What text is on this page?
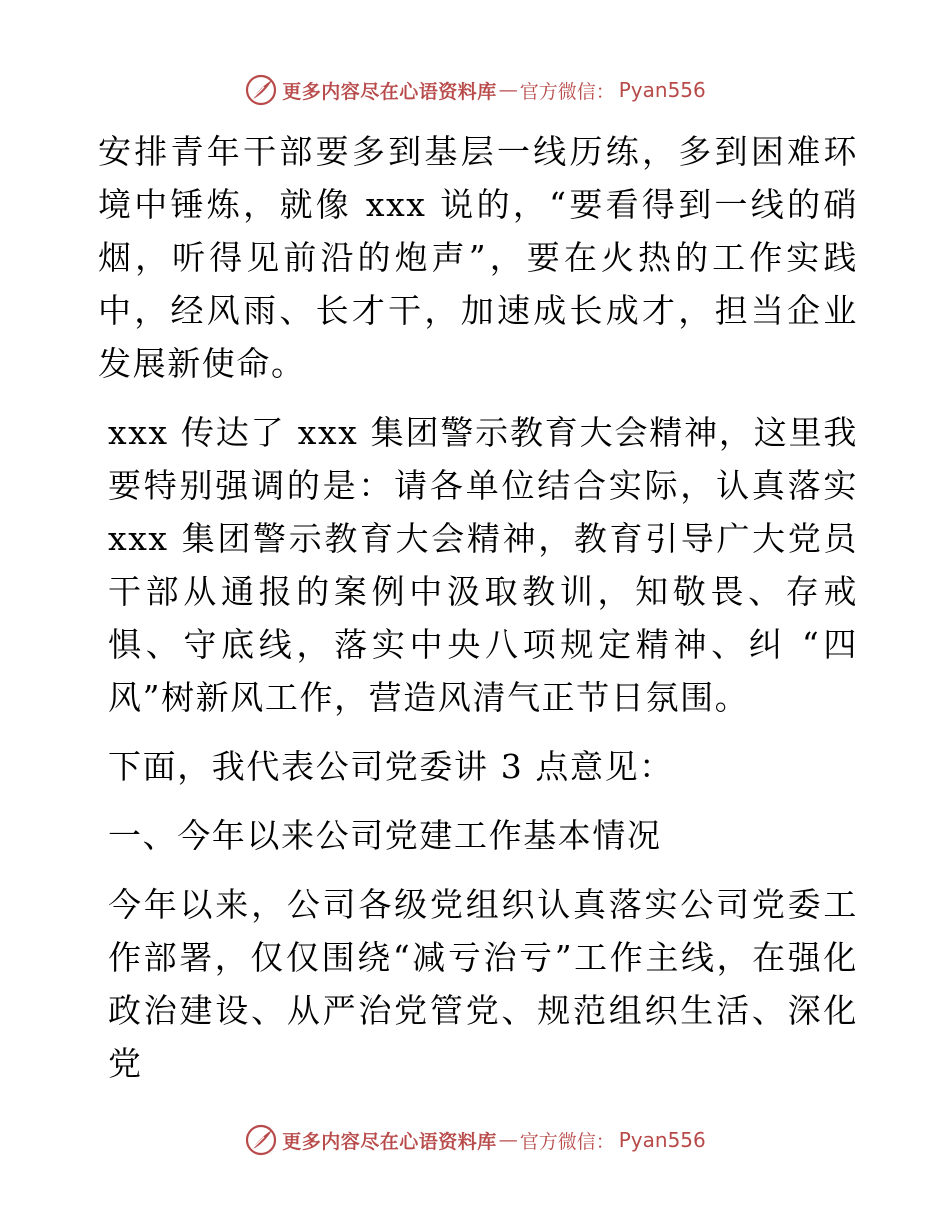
更多内容尽在心语资料库 — 官方微信： Pyan556

安排青年干部要多到基层一线历练，多到困难环境中锤炼，就像 xxx 说的，“要看得到一线的硝烟，听得见前沿的炮声”，要在火热的工作实践中，经风雨、长才干，加速成长成才，担当企业发展新使命。

xxx 传达了 xxx 集团警示教育大会精神，这里我要特别强调的是：请各单位结合实际，认真落实 xxx 集团警示教育大会精神，教育引导广大党员干部从通报的案例中汲取教训，知敬畏、存戒惧、守底线，落实中央八项规定精神、纠 “四风”树新风工作，营造风清气正节日氛围。

下面，我代表公司党委讲 3 点意见：

一、今年以来公司党建工作基本情况

今年以来，公司各级党组织认真落实公司党委工作部署，仅仅围绕“减亏治亏”工作主线，在强化政治建设、从严治党管党、规范组织生活、深化党

更多内容尽在心语资料库 — 官方微信： Pyan556
